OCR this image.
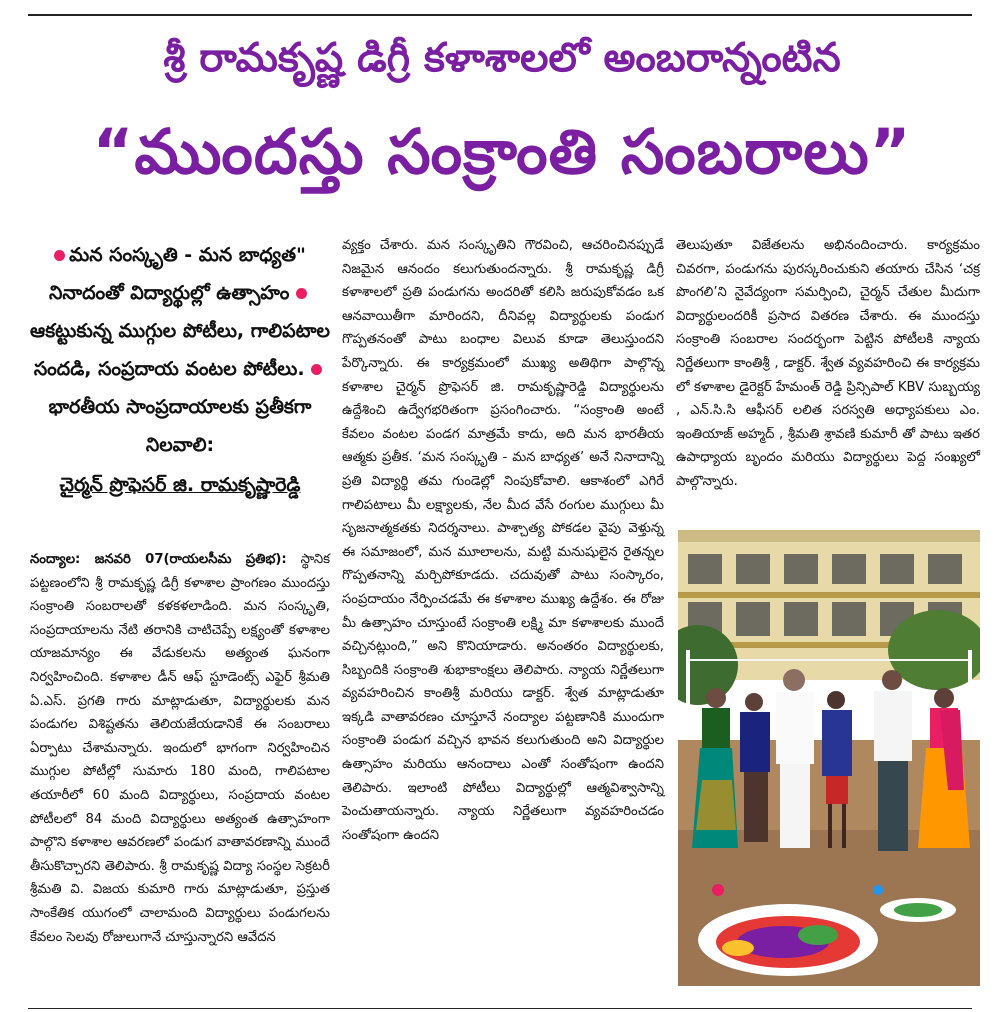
శ్రీ రామకృష్ణ డిగ్రీ కళాశాలలో అంబరాన్నంటిన
“ముందస్తు సంక్రాంతి సంబరాలు”
మన సంస్కృతి - మన బాధ్యత" నినాదంతో విద్యార్థుల్లో ఉత్సాహం ఆకట్టుకున్న ముగ్గుల పోటీలు, గాలిపటాల సందడి, సంప్రదాయ వంటల పోటీలు. భారతీయ సాంప్రదాయాలకు ప్రతీకగా నిలవాలి:
చైర్మన్ ప్రొఫెసర్ జి. రామకృష్ణారెడ్డి
నంద్యాల: జనవరి 07(రాయలసీమ ప్రతిభ): స్థానిక పట్టణంలోని శ్రీ రామకృష్ణ డిగ్రీ కళాశాల ప్రాంగణం ముందస్తు సంక్రాంతి సంబరాలతో కళకళలాడింది. మన సంస్కృతి, సంప్రదాయాలను నేటి తరానికి చాటిచెప్పే లక్ష్యంతో కళాశాల యాజమాన్యం ఈ వేడుకలను అత్యంత ఘనంగా నిర్వహించింది. కళాశాల డీన్ ఆఫ్ స్టూడెంట్స్ ఎఫైర్ శ్రీమతి ఏ.ఎస్. ప్రగతి గారు మాట్లాడుతూ, విద్యార్థులకు మన పండుగల విశిష్టతను తెలియజేయడానికే ఈ సంబరాలు ఏర్పాటు చేశామన్నారు. ఇందులో భాగంగా నిర్వహించిన ముగ్గుల పోటీల్లో సుమారు 180 మంది, గాలిపటాల తయారీలో 60 మంది విద్యార్థులు, సంప్రదాయ వంటల పోటీలలో 84 మంది విద్యార్థులు అత్యంత ఉత్సాహంగా పాల్గొని కళాశాల ఆవరణలో పండుగ వాతావరణాన్ని ముందే తీసుకొచ్చారని తెలిపారు. శ్రీ రామకృష్ణ విద్యా సంస్థల సెక్రటరీ శ్రీమతి వి. విజయ కుమారి గారు మాట్లాడుతూ, ప్రస్తుత సాంకేతిక యుగంలో చాలామంది విద్యార్థులు పండుగలను కేవలం సెలవు రోజులుగానే చూస్తున్నారని ఆవేదన
వ్యక్తం చేశారు. మన సంస్కృతిని గౌరవించి, ఆచరించినప్పుడే నిజమైన ఆనందం కలుగుతుందన్నారు. శ్రీ రామకృష్ణ డిగ్రీ కళాశాలలో ప్రతి పండుగను అందరితో కలిసి జరుపుకోవడం ఒక ఆనవాయితీగా మారిందని, దీనివల్ల విద్యార్థులకు పండుగ గొప్పతనంతో పాటు బంధాల విలువ కూడా తెలుస్తుందని పేర్కొన్నారు. ఈ కార్యక్రమంలో ముఖ్య అతిథిగా పాల్గొన్న కళాశాల చైర్మన్ ప్రొఫెసర్ జి. రామకృష్ణారెడ్డి విద్యార్థులను ఉద్దేశించి ఉద్వేగభరితంగా ప్రసంగించారు. “సంక్రాంతి అంటే కేవలం వంటల పండగ మాత్రమే కాదు, అది మన భారతీయ ఆత్మకు ప్రతీక. ‘మన సంస్కృతి - మన బాధ్యత’ అనే నినాదాన్ని ప్రతి విద్యార్థి తమ గుండెల్లో నింపుకోవాలి. ఆకాశంలో ఎగిరే గాలిపటాలు మీ లక్ష్యాలకు, నేల మీద వేసే రంగుల ముగ్గులు మీ సృజనాత్మకతకు నిదర్శనాలు. పాశ్చాత్య పోకడల వైపు వెళ్తున్న ఈ సమాజంలో, మన మూలాలను, మట్టి మనుషులైన రైతన్నల గొప్పతనాన్ని మర్చిపోకూడదు. చదువుతో పాటు సంస్కారం, సంప్రదాయం నేర్పించడమే ఈ కళాశాల ముఖ్య ఉద్దేశం. ఈ రోజు మీ ఉత్సాహం చూస్తుంటే సంక్రాంతి లక్ష్మి మా కళాశాలకు ముందే వచ్చినట్లుంది,” అని కొనియాడారు. అనంతరం విద్యార్థులకు, సిబ్బందికి సంక్రాంతి శుభాకాంక్షలు తెలిపారు. న్యాయ నిర్ణేతలుగా వ్యవహరించిన కాంతిశ్రీ మరియు డాక్టర్. శ్వేత మాట్లాడుతూ ఇక్కడి వాతావరణం చూస్తూనే నంద్యాల పట్టణానికి ముందుగా సంక్రాంతి పండుగ వచ్చిన భావన కలుగుతుంది అని విద్యార్థుల ఉత్సాహం మరియు ఆనందాలు ఎంతో సంతోషంగా ఉందని తెలిపారు. ఇలాంటి పోటీలు విద్యార్థుల్లో ఆత్మవిశ్వాసాన్ని పెంచుతాయన్నారు. న్యాయ నిర్ణేతలుగా వ్యవహరించడం సంతోషంగా ఉందని
తెలుపుతూ విజేతలను అభినందించారు. కార్యక్రమం చివరగా, పండుగను పురస్కరించుకుని తయారు చేసిన ‘చక్ర పొంగలి’ని నైవేద్యంగా సమర్పించి, చైర్మన్ చేతుల మీదుగా విద్యార్థులందరికీ ప్రసాద వితరణ చేశారు. ఈ ముందస్తు సంక్రాంతి సంబరాల సందర్భంగా పెట్టిన పోటీలకి న్యాయ నిర్ణేతలుగా కాంతిశ్రీ , డాక్టర్. శ్వేత వ్యవహరించి ఈ కార్యక్రమ లో కళాశాల డైరెక్టర్ హేమంత్ రెడ్డి ప్రిన్సిపాల్ KBV సుబ్బయ్య , ఎన్.సి.సి ఆఫీసర్ లలిత సరస్వతి అధ్యాపకులు ఎం. ఇంతియాజ్ అహ్మద్ , శ్రీమతి శ్రావణి కుమారీ తో పాటు ఇతర ఉపాధ్యాయ బృందం మరియు విద్యార్థులు పెద్ద సంఖ్యలో పాల్గొన్నారు.
